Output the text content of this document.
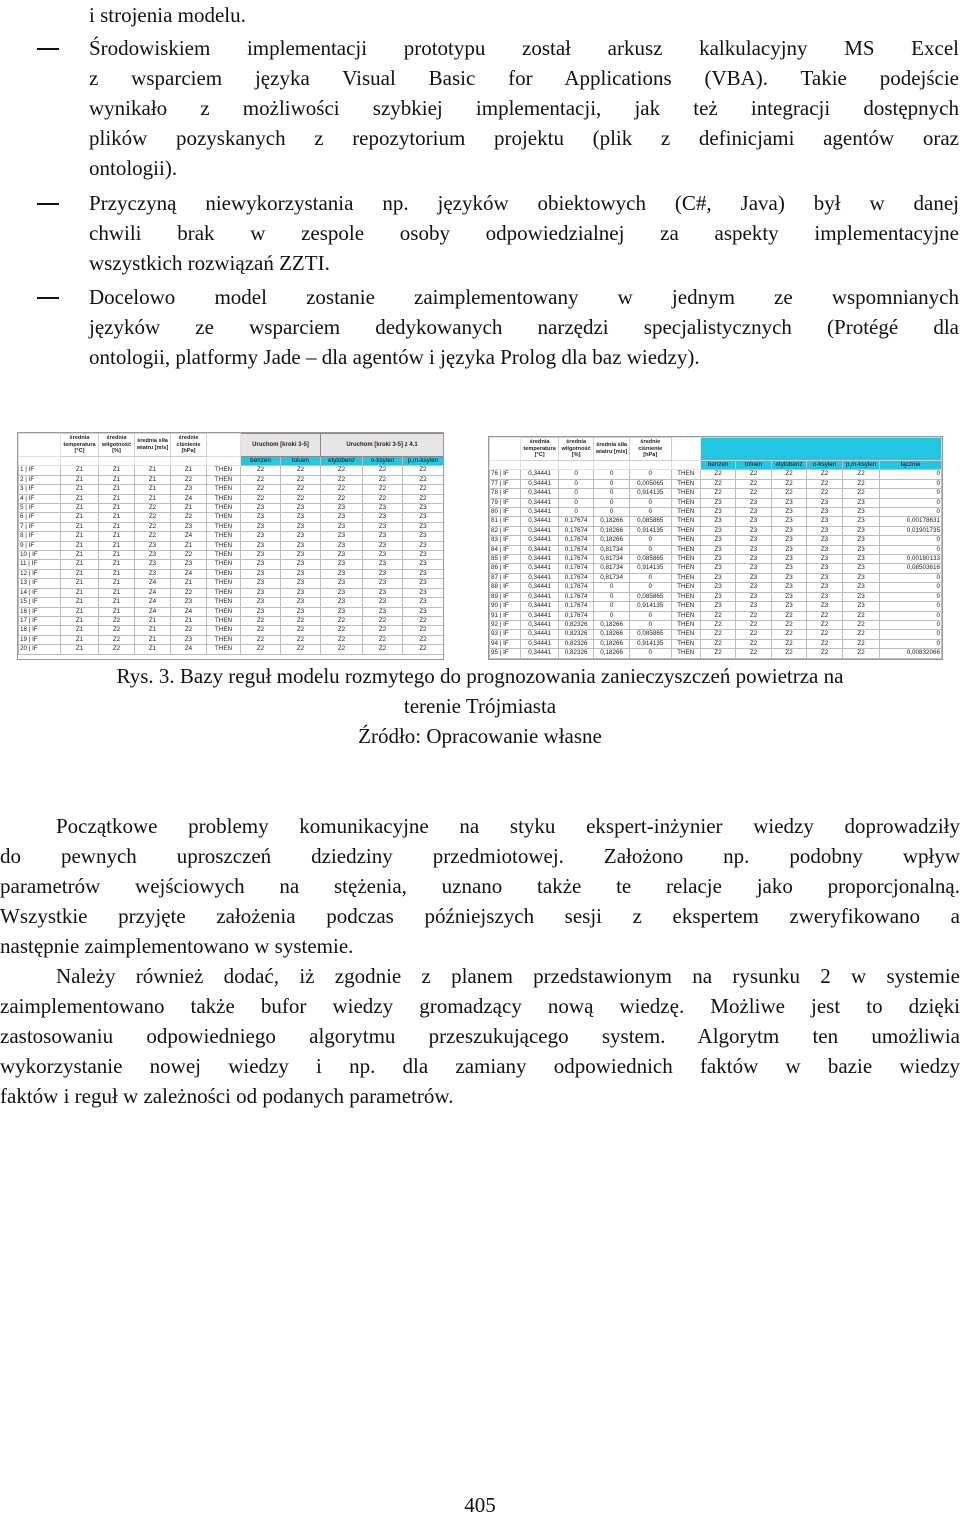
i strojenia modelu.
Środowiskiem implementacji prototypu został arkusz kalkulacyjny MS Excel
z wsparciem języka Visual Basic for Applications (VBA). Takie podejście
wynikało z możliwości szybkiej implementacji, jak też integracji dostępnych
plików pozyskanych z repozytorium projektu (plik z definicjami agentów oraz
ontologii).
Przyczyną niewykorzystania np. języków obiektowych (C#, Java) był w danej
chwili brak w zespole osoby odpowiedzialnej za aspekty implementacyjne
wszystkich rozwiązań ZZTI.
Docelowo model zostanie zaimplementowany w jednym ze wspomnianych
języków ze wsparciem dedykowanych narzędzi specjalistycznych (Protégé dla
ontologii, platformy Jade – dla agentów i języka Prolog dla baz wiedzy).
	średnia temperatura [°C]	średnia wilgotność [%]	średnia siła wiatru [m/s]	średnie ciśnienie [hPa]		Uruchom [kroki 3-5]		Uruchom [kroki 3-5] z 4.1		
						benzen	toluen	etylobenz	o-ksylen	p,m-ksylen
1 | IF	Z1	Z1	Z1	Z1	THEN	Z2	Z2	Z2	Z2	Z2
2 | IF	Z1	Z1	Z1	Z2	THEN	Z2	Z2	Z2	Z2	Z2
3 | IF	Z1	Z1	Z1	Z3	THEN	Z2	Z2	Z2	Z2	Z2
4 | IF	Z1	Z1	Z1	Z4	THEN	Z2	Z2	Z2	Z2	Z2
5 | IF	Z1	Z1	Z2	Z1	THEN	Z3	Z3	Z3	Z3	Z3
6 | IF	Z1	Z1	Z2	Z2	THEN	Z3	Z3	Z3	Z3	Z3
7 | IF	Z1	Z1	Z2	Z3	THEN	Z3	Z3	Z3	Z3	Z3
8 | IF	Z1	Z1	Z2	Z4	THEN	Z3	Z3	Z3	Z3	Z3
9 | IF	Z1	Z1	Z3	Z1	THEN	Z3	Z3	Z3	Z3	Z3
10 | IF	Z1	Z1	Z3	Z2	THEN	Z3	Z3	Z3	Z3	Z3
11 | IF	Z1	Z1	Z3	Z3	THEN	Z3	Z3	Z3	Z3	Z3
12 | IF	Z1	Z1	Z3	Z4	THEN	Z3	Z3	Z3	Z3	Z3
13 | IF	Z1	Z1	Z4	Z1	THEN	Z3	Z3	Z3	Z3	Z3
14 | IF	Z1	Z1	Z4	Z2	THEN	Z3	Z3	Z3	Z3	Z3
15 | IF	Z1	Z1	Z4	Z3	THEN	Z3	Z3	Z3	Z3	Z3
16 | IF	Z1	Z1	Z4	Z4	THEN	Z3	Z3	Z3	Z3	Z3
17 | IF	Z1	Z2	Z1	Z1	THEN	Z2	Z2	Z2	Z2	Z2
18 | IF	Z1	Z2	Z1	Z2	THEN	Z2	Z2	Z2	Z2	Z2
19 | IF	Z1	Z2	Z1	Z3	THEN	Z2	Z2	Z2	Z2	Z2
20 | IF	Z1	Z2	Z1	Z4	THEN	Z2	Z2	Z2	Z2	Z2
	średnia temperatura [°C]	średnia wilgotność [%]	średnia siła wiatru [m/s]	średnie ciśnienie [hPa]							
						benzen	toluen	etylobenz	o-ksylen	p,m-ksylen	łącznie
76 | IF	0,34441	0	0	0	THEN	Z2	Z2	Z2	Z2	Z2	0
77 | IF	0,34441	0	0	0,005065	THEN	Z2	Z2	Z2	Z2	Z2	0
78 | IF	0,34441	0	0	0,914135	THEN	Z2	Z2	Z2	Z2	Z2	0
79 | IF	0,34441	0	0	0	THEN	Z3	Z3	Z3	Z3	Z3	0
80 | IF	0,34441	0	0	0	THEN	Z3	Z3	Z3	Z3	Z3	0
81 | IF	0,34441	0,17674	0,18266	0,085865	THEN	Z3	Z3	Z3	Z3	Z3	0,00178631
82 | IF	0,34441	0,17674	0,18266	0,914135	THEN	Z3	Z3	Z3	Z3	Z3	0,01901735
83 | IF	0,34441	0,17674	0,18266	0	THEN	Z3	Z3	Z3	Z3	Z3	0
84 | IF	0,34441	0,17674	0,81734	0	THEN	Z3	Z3	Z3	Z3	Z3	0
85 | IF	0,34441	0,17674	0,81734	0,085865	THEN	Z3	Z3	Z3	Z3	Z3	0,00180133
86 | IF	0,34441	0,17674	0,81734	0,914135	THEN	Z3	Z3	Z3	Z3	Z3	0,08503616
87 | IF	0,34441	0,17674	0,81734	0	THEN	Z3	Z3	Z3	Z3	Z3	0
88 | IF	0,34441	0,17674	0	0	THEN	Z3	Z3	Z3	Z3	Z3	0
89 | IF	0,34441	0,17674	0	0,085865	THEN	Z3	Z3	Z3	Z3	Z3	0
90 | IF	0,34441	0,17674	0	0,914135	THEN	Z3	Z3	Z3	Z3	Z3	0
91 | IF	0,34441	0,17674	0	0	THEN	Z2	Z2	Z2	Z2	Z2	0
92 | IF	0,34441	0,82326	0,18266	0	THEN	Z2	Z2	Z2	Z2	Z2	0
93 | IF	0,34441	0,82326	0,18266	0,085865	THEN	Z2	Z2	Z2	Z2	Z2	0
94 | IF	0,34441	0,82326	0,18266	0,914135	THEN	Z2	Z2	Z2	Z2	Z2	0
95 | IF	0,34441	0,82326	0,18266	0	THEN	Z2	Z2	Z2	Z2	Z2	0,00832066
Rys. 3. Bazy reguł modelu rozmytego do prognozowania zanieczyszczeń powietrza na
terenie Trójmiasta
Źródło: Opracowanie własne
Początkowe problemy komunikacyjne na styku ekspert-inżynier wiedzy doprowadziły
do pewnych uproszczeń dziedziny przedmiotowej. Założono np. podobny wpływ
parametrów wejściowych na stężenia, uznano także te relacje jako proporcjonalną.
Wszystkie przyjęte założenia podczas późniejszych sesji z ekspertem zweryfikowano a
następnie zaimplementowano w systemie.
Należy również dodać, iż zgodnie z planem przedstawionym na rysunku 2 w systemie
zaimplementowano także bufor wiedzy gromadzący nową wiedzę. Możliwe jest to dzięki
zastosowaniu odpowiedniego algorytmu przeszukującego system. Algorytm ten umożliwia
wykorzystanie nowej wiedzy i np. dla zamiany odpowiednich faktów w bazie wiedzy
faktów i reguł w zależności od podanych parametrów.
405
